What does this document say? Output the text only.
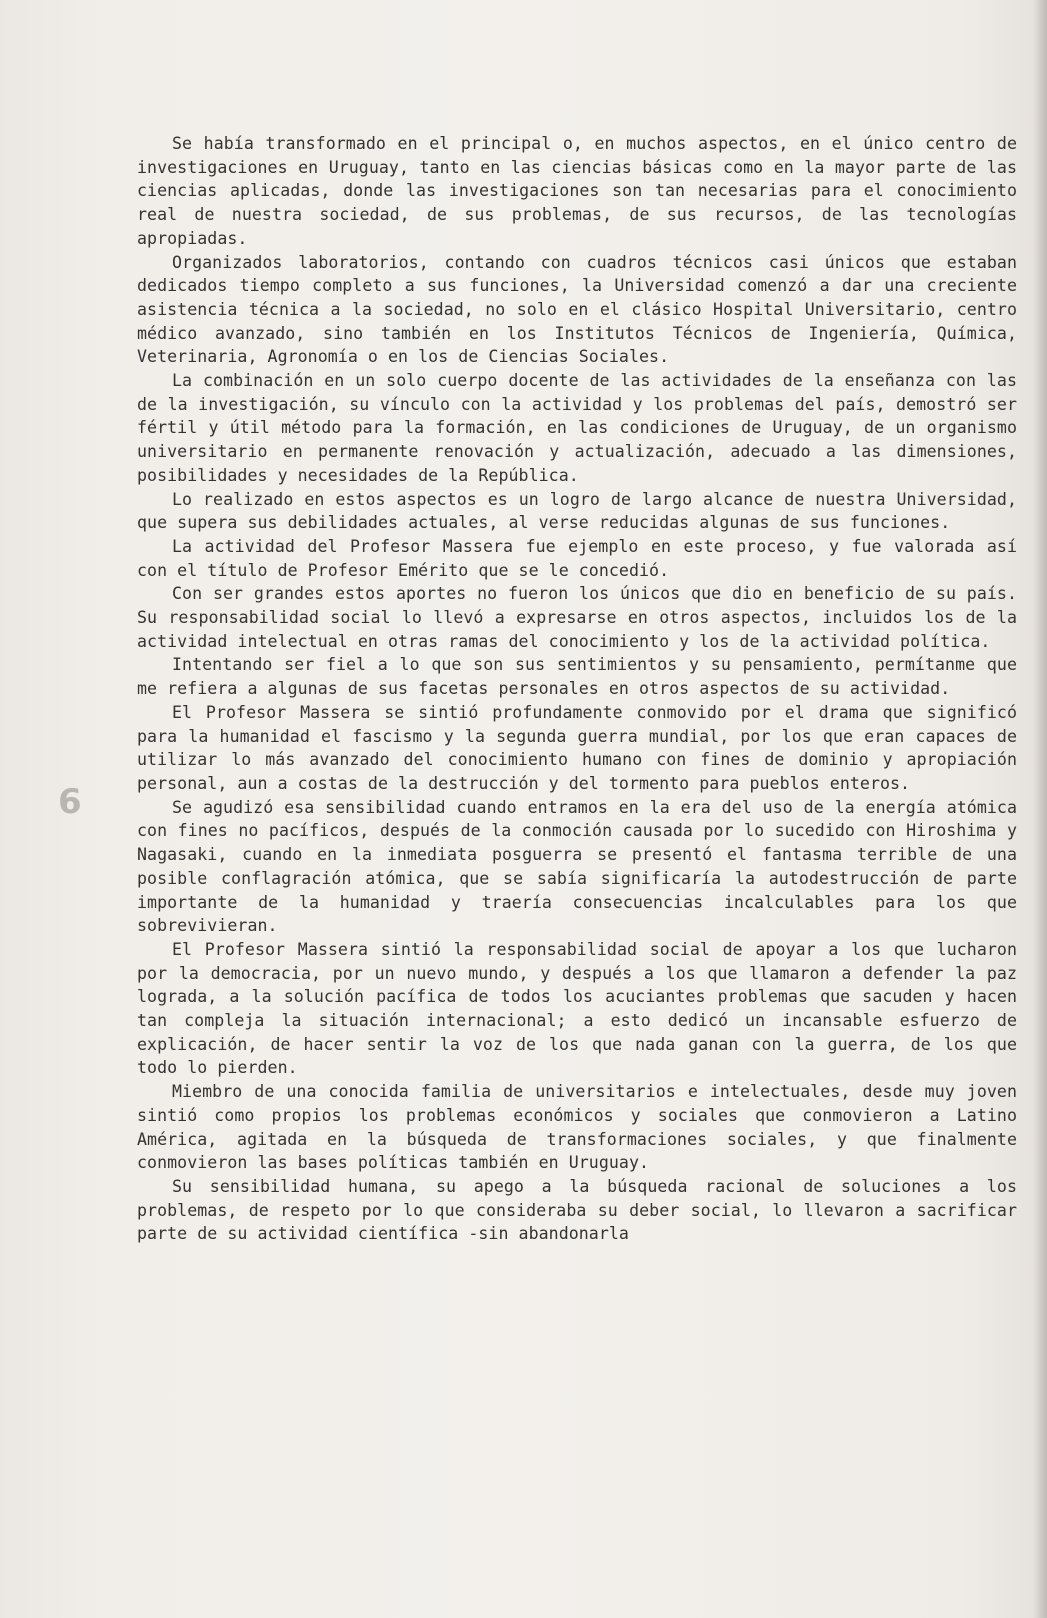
6

Se había transformado en el principal o, en muchos aspectos, en el único centro de investigaciones en Uruguay, tanto en las ciencias básicas como en la mayor parte de las ciencias aplicadas, donde las investigaciones son tan necesarias para el conocimiento real de nuestra sociedad, de sus problemas, de sus recursos, de las tecnologías apropiadas.

Organizados laboratorios, contando con cuadros técnicos casi únicos que estaban dedicados tiempo completo a sus funciones, la Universidad comenzó a dar una creciente asistencia técnica a la sociedad, no solo en el clásico Hospital Universitario, centro médico avanzado, sino también en los Institutos Técnicos de Ingeniería, Química, Veterinaria, Agronomía o en los de Ciencias Sociales.

La combinación en un solo cuerpo docente de las actividades de la enseñanza con las de la investigación, su vínculo con la actividad y los problemas del país, demostró ser fértil y útil método para la formación, en las condiciones de Uruguay, de un organismo universitario en permanente renovación y actualización, adecuado a las dimensiones, posibilidades y necesidades de la República.

Lo realizado en estos aspectos es un logro de largo alcance de nuestra Universidad, que supera sus debilidades actuales, al verse reducidas algunas de sus funciones.

La actividad del Profesor Massera fue ejemplo en este proceso, y fue valorada así con el título de Profesor Emérito que se le concedió.

Con ser grandes estos aportes no fueron los únicos que dio en beneficio de su país. Su responsabilidad social lo llevó a expresarse en otros aspectos, incluidos los de la actividad intelectual en otras ramas del conocimiento y los de la actividad política.

Intentando ser fiel a lo que son sus sentimientos y su pensamiento, permítanme que me refiera a algunas de sus facetas personales en otros aspectos de su actividad.

El Profesor Massera se sintió profundamente conmovido por el drama que significó para la humanidad el fascismo y la segunda guerra mundial, por los que eran capaces de utilizar lo más avanzado del conocimiento humano con fines de dominio y apropiación personal, aun a costas de la destrucción y del tormento para pueblos enteros.

Se agudizó esa sensibilidad cuando entramos en la era del uso de la energía atómica con fines no pacíficos, después de la conmoción causada por lo sucedido con Hiroshima y Nagasaki, cuando en la inmediata posguerra se presentó el fantasma terrible de una posible conflagración atómica, que se sabía significaría la autodestrucción de parte importante de la humanidad y traería consecuencias incalculables para los que sobrevivieran.

El Profesor Massera sintió la responsabilidad social de apoyar a los que lucharon por la democracia, por un nuevo mundo, y después a los que llamaron a defender la paz lograda, a la solución pacífica de todos los acuciantes problemas que sacuden y hacen tan compleja la situación internacional; a esto dedicó un incansable esfuerzo de explicación, de hacer sentir la voz de los que nada ganan con la guerra, de los que todo lo pierden.

Miembro de una conocida familia de universitarios e intelectuales, desde muy joven sintió como propios los problemas económicos y sociales que conmovieron a Latino América, agitada en la búsqueda de transformaciones sociales, y que finalmente conmovieron las bases políticas también en Uruguay.

Su sensibilidad humana, su apego a la búsqueda racional de soluciones a los problemas, de respeto por lo que consideraba su deber social, lo llevaron a sacrificar parte de su actividad científica -sin abandonarla
